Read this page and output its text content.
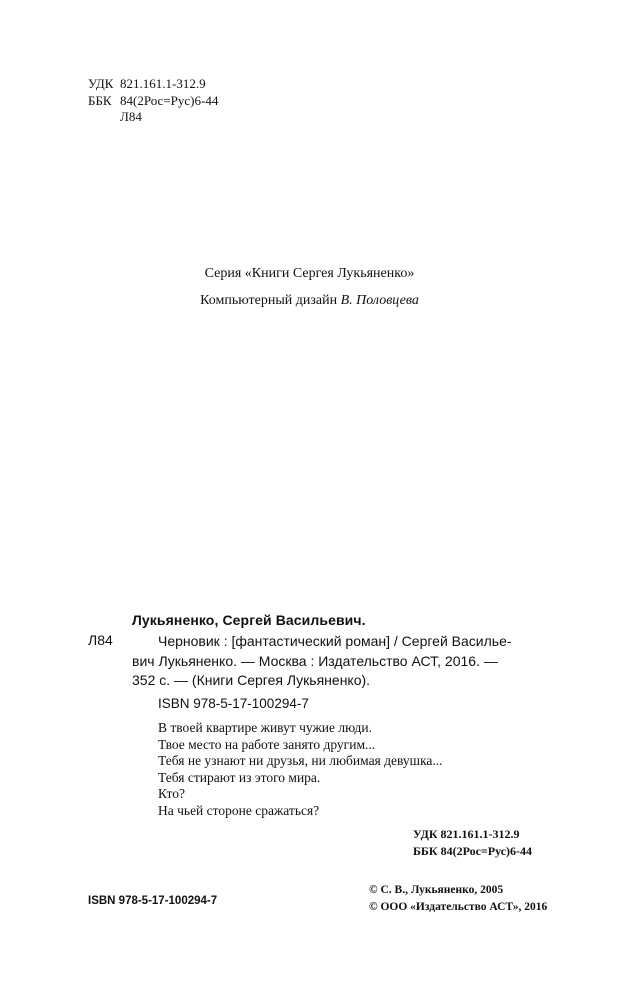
УДК 821.161.1-312.9
ББК 84(2Рос=Рус)6-44
Л84
Серия «Книги Сергея Лукьяненко»
Компьютерный дизайн В. Половцева
Лукьяненко, Сергей Васильевич.
Л84	Черновик : [фантастический роман] / Сергей Василье-
вич Лукьяненко. — Москва : Издательство АСТ, 2016. —
352 с. — (Книги Сергея Лукьяненко).
ISBN 978-5-17-100294-7
В твоей квартире живут чужие люди.
Твое место на работе занято другим...
Тебя не узнают ни друзья, ни любимая девушка...
Тебя стирают из этого мира.
Кто?
На чьей стороне сражаться?
УДК 821.161.1-312.9
ББК 84(2Рос=Рус)6-44
© С. В., Лукьяненко, 2005
© ООО «Издательство АСТ», 2016
ISBN 978-5-17-100294-7
